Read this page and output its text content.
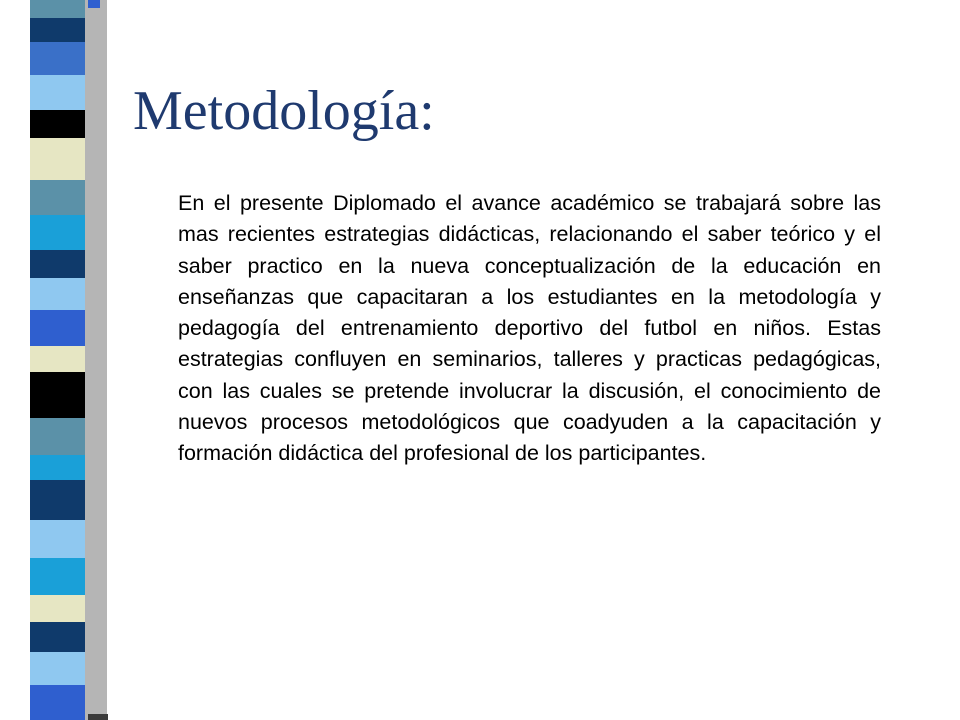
Metodología:

En el presente Diplomado el avance académico se trabajará sobre las mas recientes estrategias didácticas, relacionando el saber teórico y el saber practico en la nueva conceptualización de la educación en enseñanzas que capacitaran a los estudiantes en la metodología y pedagogía del entrenamiento deportivo del futbol en niños. Estas estrategias confluyen en seminarios, talleres y practicas pedagógicas, con las cuales se pretende involucrar la discusión, el conocimiento de nuevos procesos metodológicos que coadyuden a la capacitación y formación didáctica del profesional de los participantes.
